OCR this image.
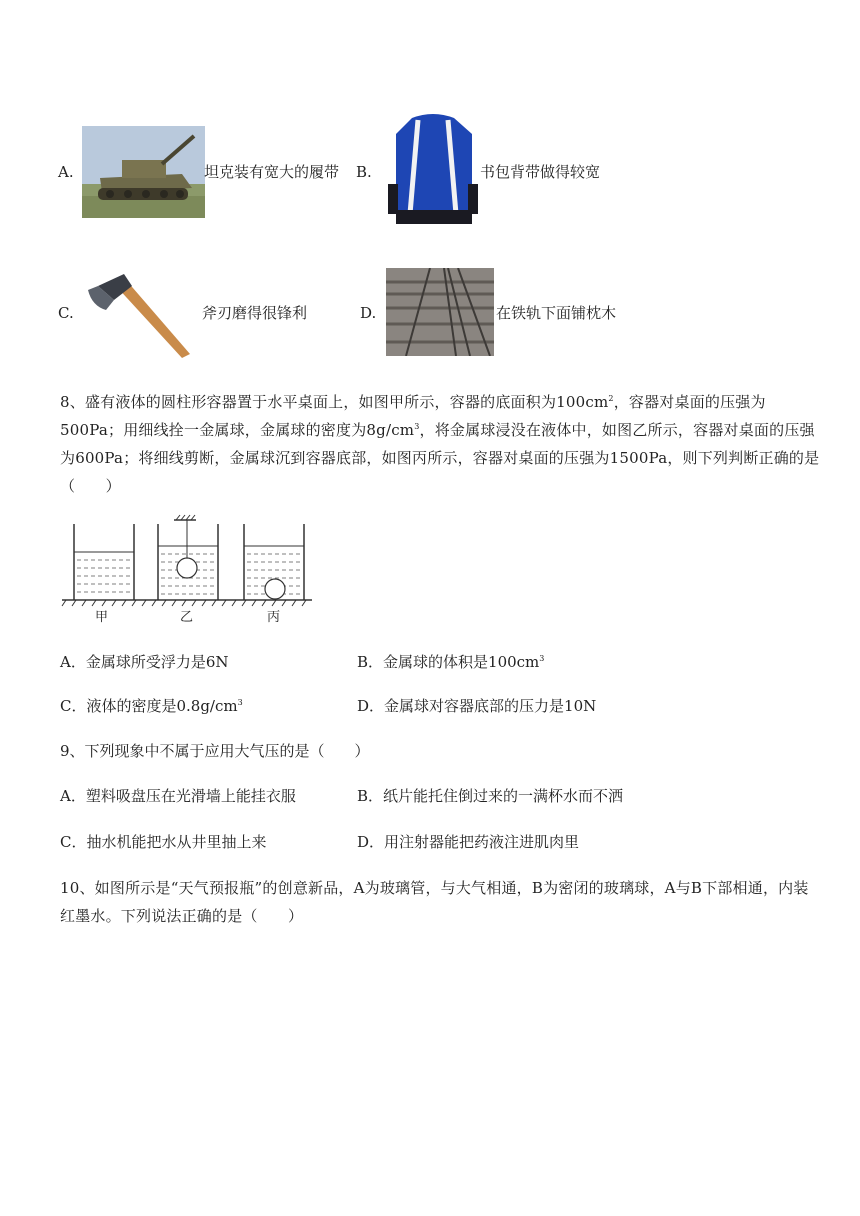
A.	坦克装有宽大的履带 B.	书包背带做得较宽
C.	斧刃磨得很锋利	D.	在铁轨下面铺枕木
8、盛有液体的圆柱形容器置于水平桌面上，如图甲所示，容器的底面积为$100cm^2$，容器对桌面的压强为500Pa；用细线拴一金属球，金属球的密度为$8g/cm^3$，将金属球浸没在液体中，如图乙所示，容器对桌面的压强为600Pa；将细线剪断，金属球沉到容器底部，如图丙所示，容器对桌面的压强为1500Pa，则下列判断正确的是（　　）
甲	乙	丙
A．金属球所受浮力是6N	B．金属球的体积是$100cm^3$
C．液体的密度是$0.8g/cm^3$	D．金属球对容器底部的压力是10N
9、下列现象中不属于应用大气压的是（　　）
A．塑料吸盘压在光滑墙上能挂衣服	B．纸片能托住倒过来的一满杯水而不洒
C．抽水机能把水从井里抽上来	D．用注射器能把药液注进肌肉里
10、如图所示是“天气预报瓶”的创意新品，A为玻璃管，与大气相通，B为密闭的玻璃球，A与B下部相通，内装红墨水。下列说法正确的是（　　）
